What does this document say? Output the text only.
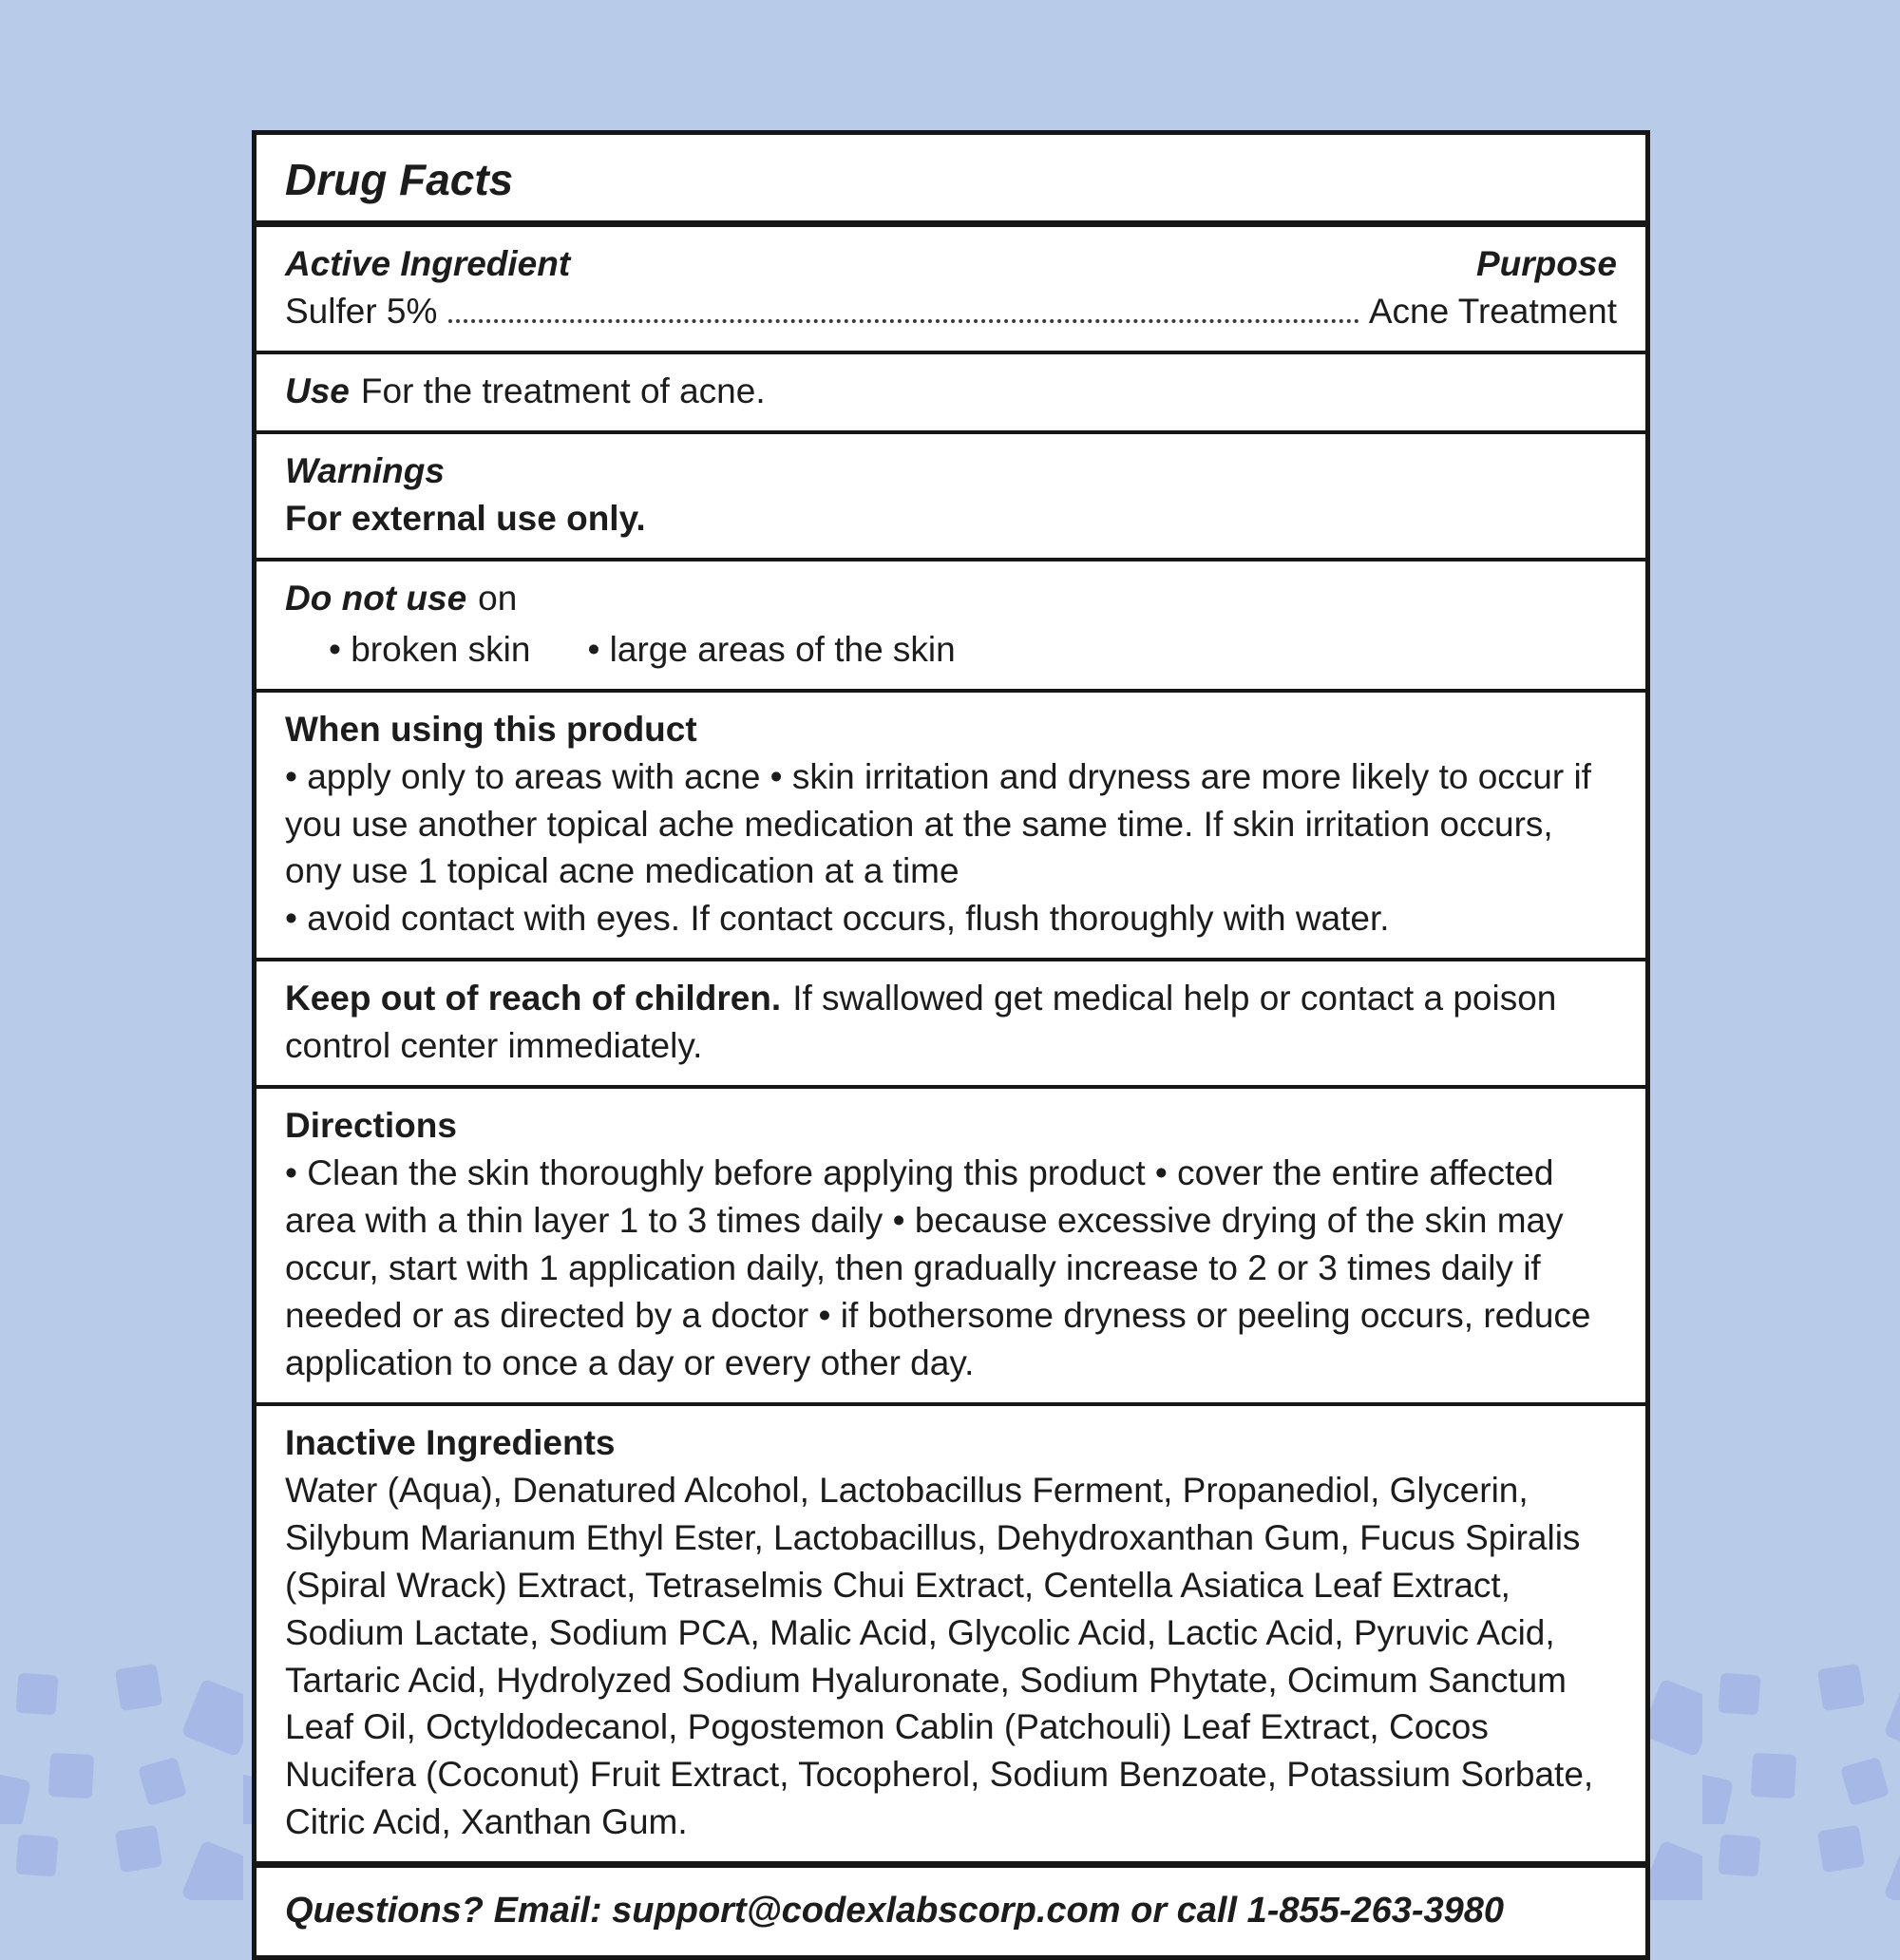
Drug Facts
Active Ingredient	Purpose
Sulfer 5%	Acne Treatment
Use For the treatment of acne.

Warnings

For external use only.

Do not use on

• broken skin • large areas of the skin

When using this product

• apply only to areas with acne • skin irritation and dryness are more likely to occur if you use another topical ache medication at the same time. If skin irritation occurs, ony use 1 topical acne medication at a time

• avoid contact with eyes. If contact occurs, flush thoroughly with water.

Keep out of reach of children. If swallowed get medical help or contact a poison control center immediately.

Directions

• Clean the skin thoroughly before applying this product • cover the entire affected area with a thin layer 1 to 3 times daily • because excessive drying of the skin may occur, start with 1 application daily, then gradually increase to 2 or 3 times daily if needed or as directed by a doctor • if bothersome dryness or peeling occurs, reduce application to once a day or every other day.

Inactive Ingredients

Water (Aqua), Denatured Alcohol, Lactobacillus Ferment, Propanediol, Glycerin, Silybum Marianum Ethyl Ester, Lactobacillus, Dehydroxanthan Gum, Fucus Spiralis (Spiral Wrack) Extract, Tetraselmis Chui Extract, Centella Asiatica Leaf Extract, Sodium Lactate, Sodium PCA, Malic Acid, Glycolic Acid, Lactic Acid, Pyruvic Acid, Tartaric Acid, Hydrolyzed Sodium Hyaluronate, Sodium Phytate, Ocimum Sanctum Leaf Oil, Octyldodecanol, Pogostemon Cablin (Patchouli) Leaf Extract, Cocos Nucifera (Coconut) Fruit Extract, Tocopherol, Sodium Benzoate, Potassium Sorbate, Citric Acid, Xanthan Gum.

Questions? Email: support@codexlabscorp.com or call 1-855-263-3980
